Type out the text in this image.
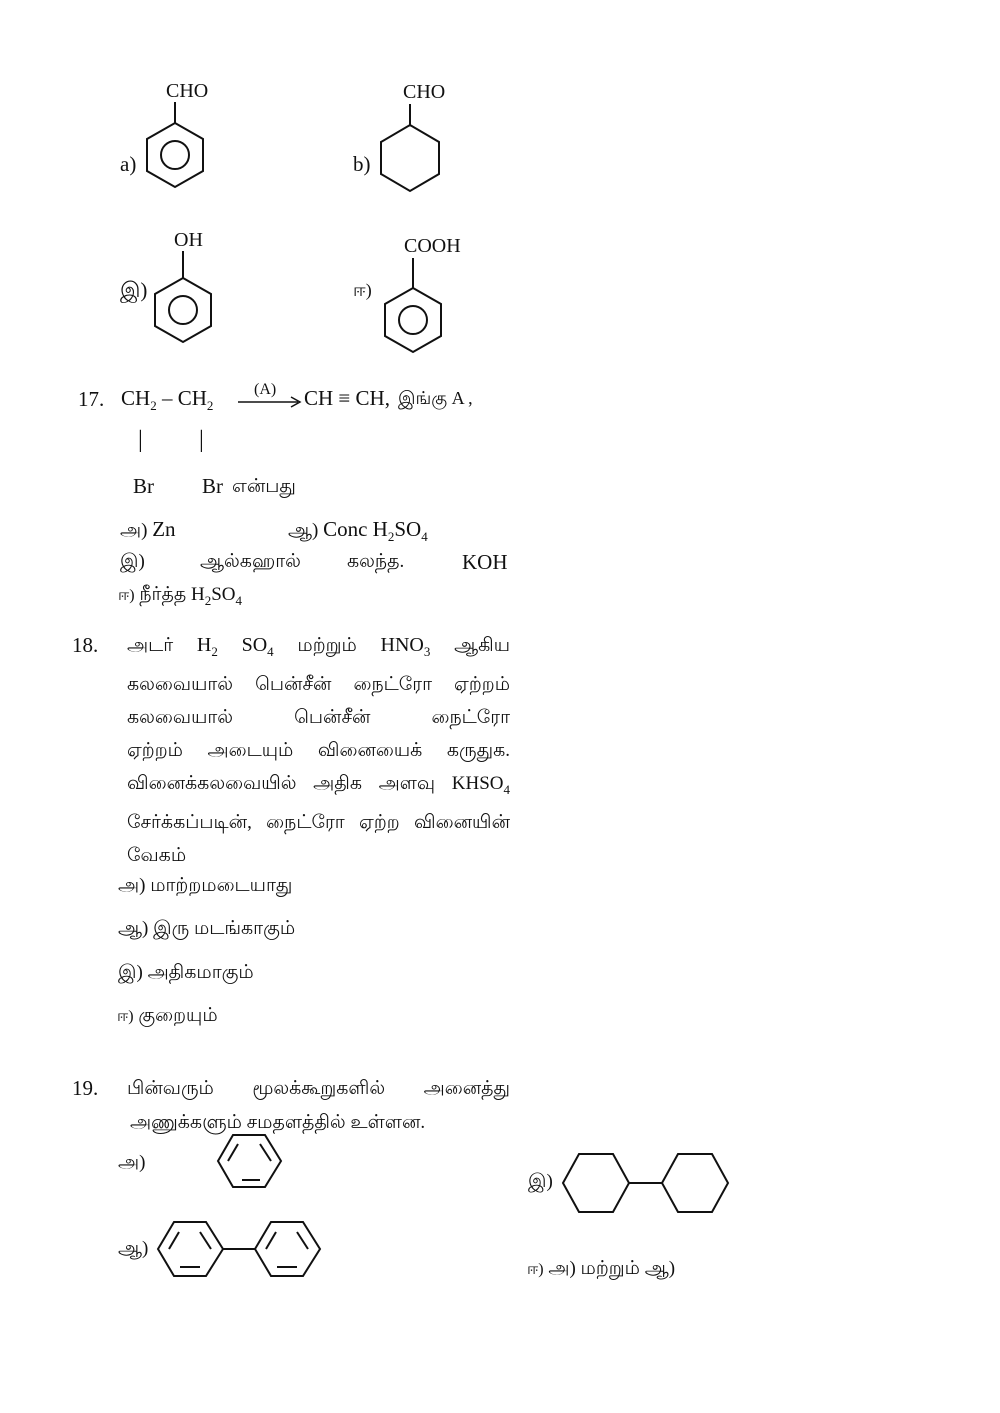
a)
CHO
b)
CHO
இ)
OH
ஈ)
COOH
17. $CH_2 - CH_2$
(A) CH ≡ CH, இங்கு A ,
| |
Br Br என்பது
அ) Zn	ஆ) Conc $H_2SO_4$
இ)	ஆல்கஹால் கலந்த.	KOH
ஈ) நீர்த்த $H_2SO_4$
18. அடர் $H_2$ $SO_4$ மற்றும் $HNO_3$ ஆகிய
கலவையால் பென்சீன் நைட்ரோ ஏற்றம்
கலவையால் பென்சீன் நைட்ரோ
ஏற்றம் அடையும் வினையைக் கருதுக.
வினைக்கலவையில் அதிக அளவு $KHSO_4$
சேர்க்கப்படின், நைட்ரோ ஏற்ற வினையின்
வேகம்
அ) மாற்றமடையாது
ஆ) இரு மடங்காகும்
இ) அதிகமாகும்
ஈ) குறையும்
19. பின்வரும் மூலக்கூறுகளில் அனைத்து
அணுக்களும் சமதளத்தில் உள்ளன.
அ)
ஆ)
இ)
ஈ) அ) மற்றும் ஆ)
